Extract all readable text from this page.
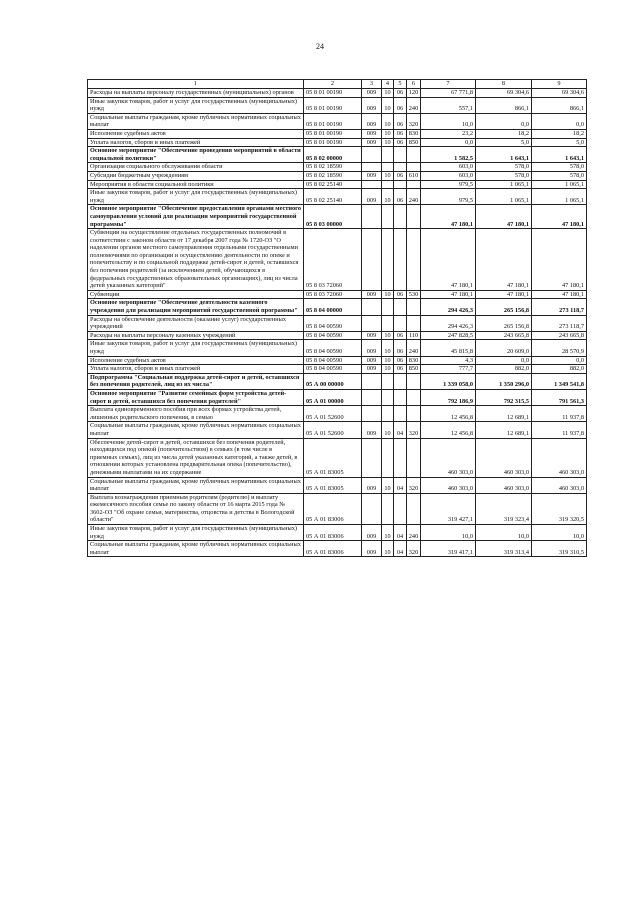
24
1	2	3	4	5	6	7	8	9
Расходы на выплаты персоналу государственных (муниципальных) органов	05 8 01 00190	009	10	06	120	67 771,8	69 304,6	69 304,6
Иные закупки товаров, работ и услуг для государственных (муниципальных) нужд	05 8 01 00190	009	10	06	240	557,1	866,1	866,1
Социальные выплаты гражданам, кроме публичных нормативных социальных выплат	05 8 01 00190	009	10	06	320	10,0	0,0	0,0
Исполнение судебных актов	05 8 01 00190	009	10	06	830	23,2	18,2	18,2
Уплата налогов, сборов и иных платежей	05 8 01 00190	009	10	06	850	0,0	5,0	5,0
Основное мероприятие "Обеспечение проведения мероприятий в области социальной политики"	05 8 02 00000					1 582,5	1 643,1	1 643,1
Организация социального обслуживания области	05 8 02 18590					603,0	578,0	578,0
Субсидии бюджетным учреждениям	05 8 02 18590	009	10	06	610	603,0	578,0	578,0
Мероприятия в области социальной политики	05 8 02 25140					979,5	1 065,1	1 065,1
Иные закупки товаров, работ и услуг для государственных (муниципальных) нужд	05 8 02 25140	009	10	06	240	979,5	1 065,1	1 065,1
Основное мероприятие "Обеспечение предоставления органами местного самоуправления условий для реализации мероприятий государственной программы"	05 8 03 00000					47 180,1	47 180,1	47 180,1
Субвенции на осуществление отдельных государственных полномочий в соответствии с законом области от 17 декабря 2007 года № 1720-ОЗ "О наделении органов местного самоуправления отдельными государственными полномочиями по организации и осуществлению деятельности по опеке и попечительству и по социальной поддержке детей-сирот и детей, оставшихся без попечения родителей (за исключением детей, обучающихся в федеральных государственных образовательных организациях), лиц из числа детей указанных категорий"	05 8 03 72060					47 180,1	47 180,1	47 180,1
Субвенции	05 8 03 72060	009	10	06	530	47 180,1	47 180,1	47 180,1
Основное мероприятие "Обеспечение деятельности казенного учреждения для реализации мероприятий государственной программы"	05 8 04 00000					294 426,3	265 156,8	273 118,7
Расходы на обеспечение деятельности (оказание услуг) государственных учреждений	05 8 04 00590					294 426,3	265 156,8	273 118,7
Расходы на выплаты персоналу казенных учреждений	05 8 04 00590	009	10	06	110	247 828,5	243 665,8	243 665,8
Иные закупки товаров, работ и услуг для государственных (муниципальных) нужд	05 8 04 00590	009	10	06	240	45 815,8	20 609,0	28 570,9
Исполнение судебных актов	05 8 04 00590	009	10	06	830	4,3	0,0	0,0
Уплата налогов, сборов и иных платежей	05 8 04 00590	009	10	06	850	777,7	882,0	882,0
Подпрограмма "Социальная поддержка детей-сирот и детей, оставшихся без попечения родителей, лиц из их числа"	05 А 00 00000					1 339 058,0	1 350 296,0	1 349 541,8
Основное мероприятие "Развитие семейных форм устройства детей-сирот и детей, оставшихся без попечения родителей"	05 А 01 00000					792 186,9	792 315,5	791 561,3
Выплата единовременного пособия при всех формах устройства детей, лишенных родительского попечения, в семью	05 А 01 52600					12 456,8	12 689,1	11 937,8
Социальные выплаты гражданам, кроме публичных нормативных социальных выплат	05 А 01 52600	009	10	04	320	12 456,8	12 689,1	11 937,8
Обеспечение детей-сирот и детей, оставшихся без попечения родителей, находящихся под опекой (попечительством) в семьях (в том числе в приемных семьях), лиц из числа детей указанных категорий, а также детей, в отношении которых установлена предварительная опека (попечительство), денежными выплатами на их содержание	05 А 01 83005					460 303,0	460 303,0	460 303,0
Социальные выплаты гражданам, кроме публичных нормативных социальных выплат	05 А 01 83005	009	10	04	320	460 303,0	460 303,0	460 303,0
Выплата вознаграждения приемным родителям (родителю) и выплату ежемесячного пособия семье по закону области от 16 марта 2015 года № 3602-ОЗ "Об охране семьи, материнства, отцовства и детства в Вологодской области"	05 А 01 83006					319 427,1	319 323,4	319 320,5
Иные закупки товаров, работ и услуг для государственных (муниципальных) нужд	05 А 01 83006	009	10	04	240	10,0	10,0	10,0
Социальные выплаты гражданам, кроме публичных нормативных социальных выплат	05 А 01 83006	009	10	04	320	319 417,1	319 313,4	319 310,5
